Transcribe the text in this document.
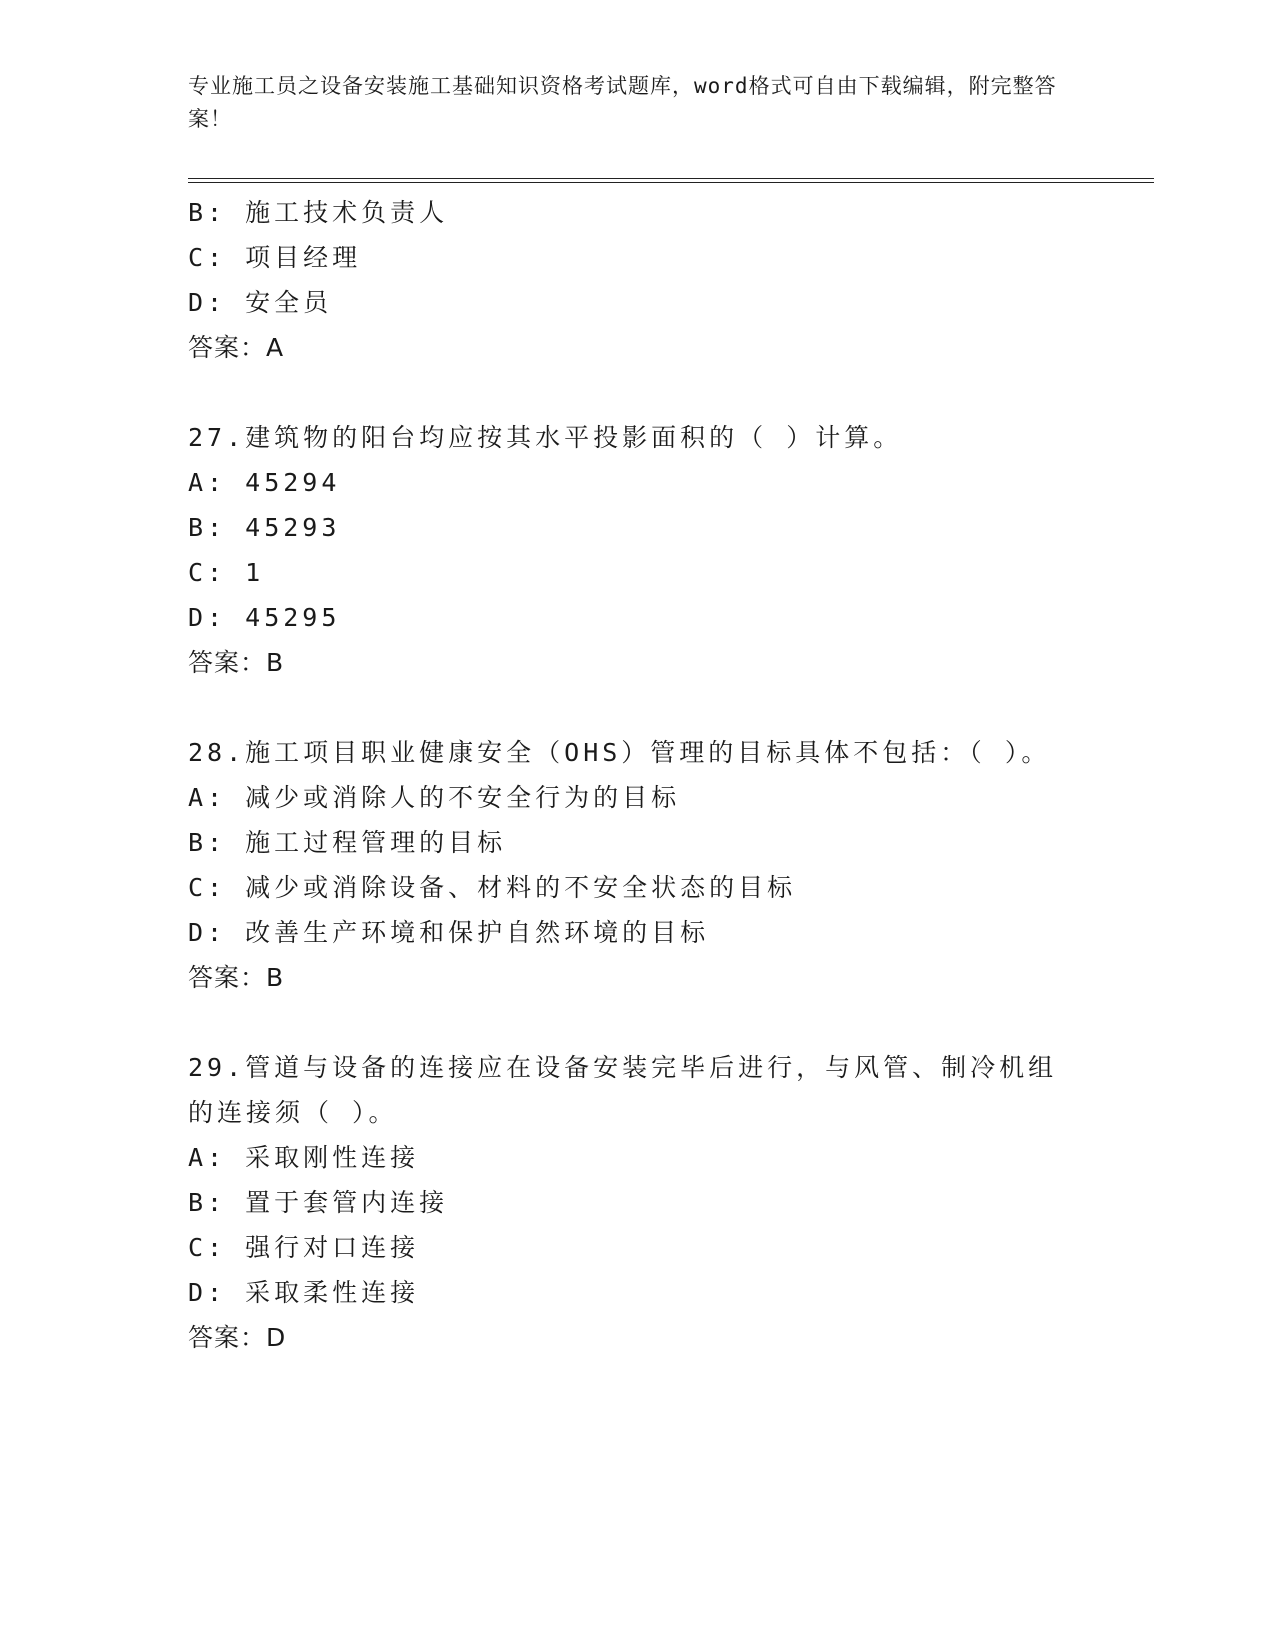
专业施工员之设备安装施工基础知识资格考试题库，word格式可自由下载编辑，附完整答案！
B: 施工技术负责人
C: 项目经理
D: 安全员
答案：A
27.建筑物的阳台均应按其水平投影面积的（ ）计算。
A: 45294
B: 45293
C: 1
D: 45295
答案：B
28.施工项目职业健康安全（OHS）管理的目标具体不包括：（ ）。
A: 减少或消除人的不安全行为的目标
B: 施工过程管理的目标
C: 减少或消除设备、材料的不安全状态的目标
D: 改善生产环境和保护自然环境的目标
答案：B
29.管道与设备的连接应在设备安装完毕后进行，与风管、制冷机组的连接须（ ）。
A: 采取刚性连接
B: 置于套管内连接
C: 强行对口连接
D: 采取柔性连接
答案：D
